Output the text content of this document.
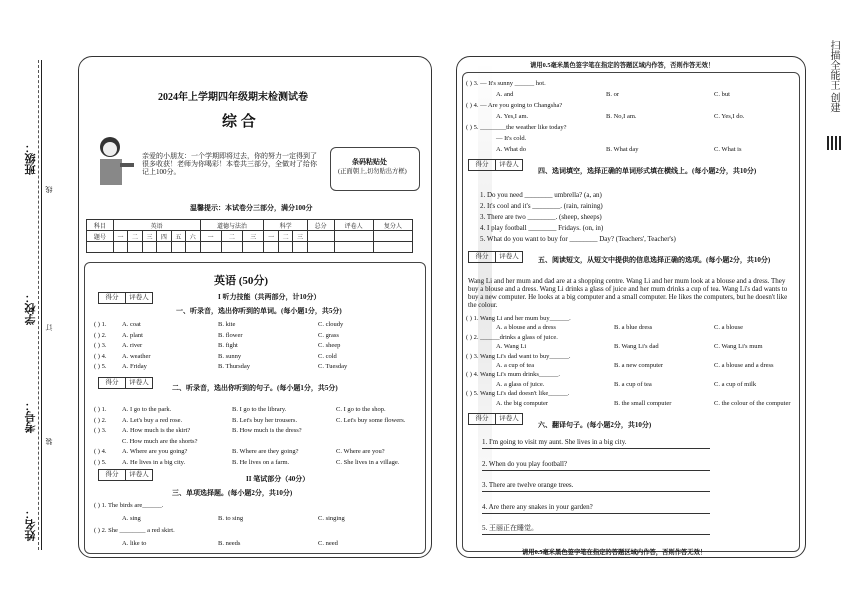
班级：
学校：
考号：
姓名：
线
订
装
扫描全能王 创建
2024年上学期四年级期末检测试卷
综 合
亲爱的小朋友：一个学期即将过去，你的努力一定得到了很多收获！老师为你喝彩！本卷共三部分，全做对了给你记上100分。
条码粘贴处
(正面朝上,切勿贴出方框)
温馨提示：本试卷分三部分，满分100分
科目	英语						道德与法治			科学			总分	评卷人	复分人
题号	一	二	三	四	五	六	一	二	三	一	二	三			

英语 (50分)
I 听力技能（共两部分，计10分）
得分	评卷人
一、听录音，选出你听到的单词。(每小题1分，共5分)
得分	评卷人
二、听录音，选出你听到的句子。(每小题1分，共5分)
得分	评卷人
II 笔试部分（40分）
三、单项选择题。(每小题2分，共10分)
请用0.5毫米黑色签字笔在指定的答题区域内作答，否则作答无效！
得分	评卷人
四、选词填空，选择正确的单词形式填在横线上。(每小题2分，共10分)
得分	评卷人	五、阅读短文，从短文中提供的信息选择正确的选项。(每小题2分，共10分)
Wang Li and her mum and dad are at a shopping centre. Wang Li and her mum look at a blouse and a dress. They buy a blouse and a dress. Wang Li drinks a glass of juice and her mum drinks a cup of tea. Wang Li's dad wants to buy a new computer. He looks at a big computer and a small computer. He likes the computers, but he doesn't like the colour.
得分	评卷人
六、翻译句子。(每小题2分，共10分)
请用0.5毫米黑色签字笔在指定的答题区域内作答，否则作答无效！
( ) 1.	A. coat	B. kite	C. cloudy
( ) 2.	A. plant	B. flower	C. grass
( ) 3.	A. river	B. fight	C. sheep
( ) 4.	A. weather	B. sunny	C. cold
( ) 5.	A. Friday	B. Thursday	C. Tuesday
( ) 1.	A. I go to the park.	B. I go to the library.	C. I go to the shop.
( ) 2.	A. Let's buy a red rose.	B. Let's buy her trousers.	C. Let's buy some flowers.
( ) 3.	A. How much is the skirt?	B. How much is the dress?
C. How much are the shorts?
( ) 4.	A. Where are you going?	B. Where are they going?	C. Where are you?
( ) 5.	A. He lives in a big city.	B. He lives on a farm.	C. She lives in a village.
( ) 1. The birds are______.
A. sing	B. to sing	C. singing
( ) 2. She ________ a red skirt.
A. like to	B. needs	C. need
( ) 3. — It's sunny ______ hot.
A. and	B. or	C. but
( ) 4. — Are you going to Changsha?
A. Yes,I am.	B. No,I am.	C. Yes,I do.
( ) 5. ________the weather like today?
— It's cold.
A. What do	B. What day	C. What is
1. Do you need ________ umbrella? (a, an)
2. It's cool and it's ________. (rain, raining)
3. There are two ________. (sheep, sheeps)
4. I play football ________ Fridays. (on, in)
5. What do you want to buy for ________ Day? (Teachers', Teacher's)
( ) 1. Wang Li and her mum buy______.
A. a blouse and a dress	B. a blue dress	C. a blouse
( ) 2. ______drinks a glass of juice.
A. Wang Li	B. Wang Li's dad	C. Wang Li's mum
( ) 3. Wang Li's dad want to buy______.
A. a cup of tea	B. a new computer	C. a blouse and a dress
( ) 4. Wang Li's mum drinks______.
A. a glass of juice.	B. a cup of tea	C. a cup of milk
( ) 5. Wang Li's dad doesn't like______.
A. the big computer	B. the small computer	C. the colour of the computer
1. I'm going to visit my aunt. She lives in a big city.
2. When do you play football?
3. There are twelve orange trees.
4. Are there any snakes in your garden?
5. 王丽正在睡觉。
